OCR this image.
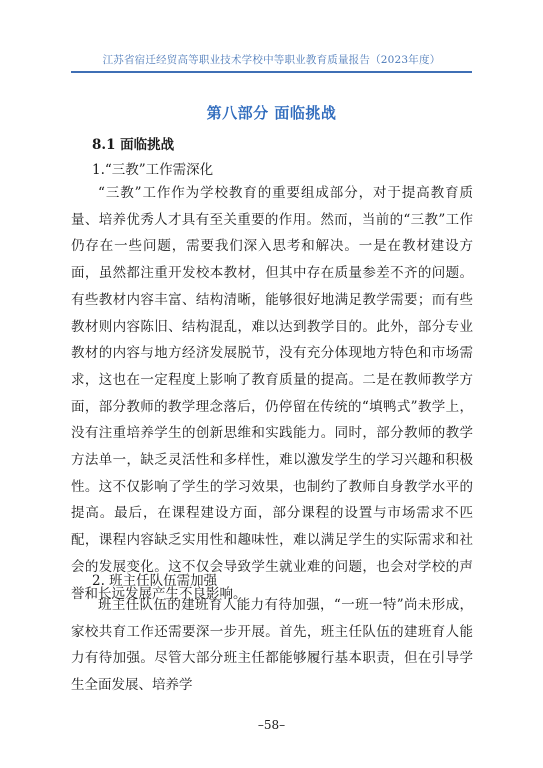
江苏省宿迁经贸高等职业技术学校中等职业教育质量报告（2023年度）
第八部分 面临挑战
8.1 面临挑战
1.“三教”工作需深化

“三教”工作作为学校教育的重要组成部分，对于提高教育质量、培养优秀人才具有至关重要的作用。然而，当前的“三教”工作仍存在一些问题，需要我们深入思考和解决。一是在教材建设方面，虽然都注重开发校本教材，但其中存在质量参差不齐的问题。有些教材内容丰富、结构清晰，能够很好地满足教学需要；而有些教材则内容陈旧、结构混乱，难以达到教学目的。此外，部分专业教材的内容与地方经济发展脱节，没有充分体现地方特色和市场需求，这也在一定程度上影响了教育质量的提高。二是在教师教学方面，部分教师的教学理念落后，仍停留在传统的“填鸭式”教学上，没有注重培养学生的创新思维和实践能力。同时，部分教师的教学方法单一，缺乏灵活性和多样性，难以激发学生的学习兴趣和积极性。这不仅影响了学生的学习效果，也制约了教师自身教学水平的提高。最后，在课程建设方面，部分课程的设置与市场需求不匹配，课程内容缺乏实用性和趣味性，难以满足学生的实际需求和社会的发展变化。这不仅会导致学生就业难的问题，也会对学校的声誉和长远发展产生不良影响。

2. 班主任队伍需加强

班主任队伍的建班育人能力有待加强，“一班一特”尚未形成，家校共育工作还需要深一步开展。首先，班主任队伍的建班育人能力有待加强。尽管大部分班主任都能够履行基本职责，但在引导学生全面发展、培养学

–58–
